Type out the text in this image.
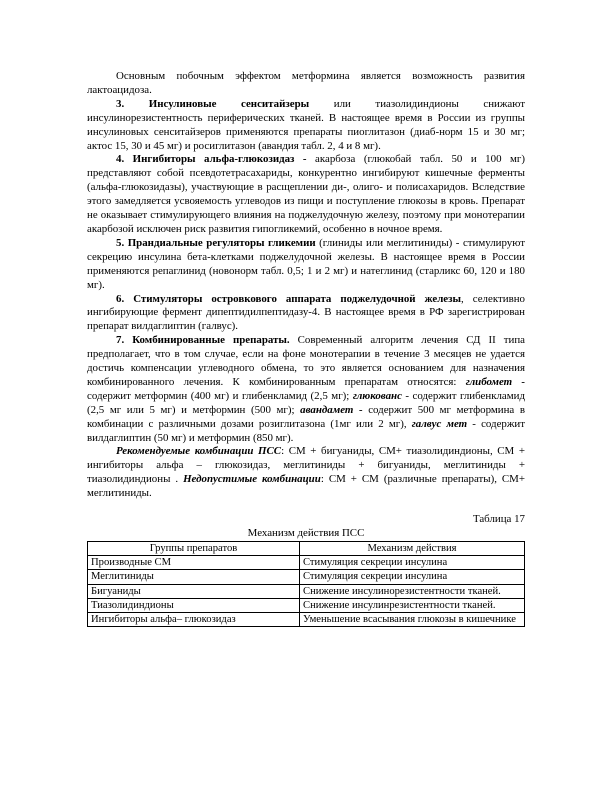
Основным побочным эффектом метформина является возможность развития лактоацидоза.

3. Инсулиновые сенситайзеры или тиазолидиндионы снижают инсулинорезистентность периферических тканей. В настоящее время в России из группы инсулиновых сенситайзеров применяются препараты пиоглитазон (диаб-норм 15 и 30 мг; актос 15, 30 и 45 мг) и росиглитазон (авандия табл. 2, 4 и 8 мг).

4. Ингибиторы альфа-глюкозидаз - акарбоза (глюкобай табл. 50 и 100 мг) представляют собой псевдотетрасахариды, конкурентно ингибируют кишечные ферменты (альфа-глюкозидазы), участвующие в расщеплении ди-, олиго- и полисахаридов. Вследствие этого замедляется усвояемость углеводов из пищи и поступление глюкозы в кровь. Препарат не оказывает стимулирующего влияния на поджелудочную железу, поэтому при монотерапии акарбозой исключен риск развития гипогликемий, особенно в ночное время.

5. Прандиальные регуляторы гликемии (глиниды или меглитиниды) - стимулируют секрецию инсулина бета-клетками поджелудочной железы. В настоящее время в России применяются репаглинид (новонорм табл. 0,5; 1 и 2 мг) и натеглинид (старликс 60, 120 и 180 мг).

6. Стимуляторы островкового аппарата поджелудочной железы, селективно ингибирующие фермент дипептидилпептидазу-4. В настоящее время в РФ зарегистрирован препарат вилдаглиптин (галвус).

7. Комбинированные препараты. Современный алгоритм лечения СД II типа предполагает, что в том случае, если на фоне монотерапии в течение 3 месяцев не удается достичь компенсации углеводного обмена, то это является основанием для назначения комбинированного лечения. К комбинированным препаратам относятся: глибомет - содержит метформин (400 мг) и глибенкламид (2,5 мг); глюкованс - содержит глибенкламид (2,5 мг или 5 мг) и метформин (500 мг); авандамет - содержит 500 мг метформина в комбинации с различными дозами розиглитазона (1мг или 2 мг), галвус мет - содержит вилдаглиптин (50 мг) и метформин (850 мг).

Рекомендуемые комбинации ПСС: СМ + бигуаниды, СМ+ тиазолидиндионы, СМ + ингибиторы альфа – глюкозидаз, меглитиниды + бигуаниды, меглитиниды + тиазолидиндионы . Недопустимые комбинации: СМ + СМ (различные препараты), СМ+ меглитиниды.

Таблица 17
Механизм действия ПСС
Группы препаратов	Механизм действия
Производные СМ	Стимуляция секреции инсулина
Меглитиниды	Стимуляция секреции инсулина
Бигуаниды	Снижение инсулинорезистентности тканей.
Тиазолидиндионы	Снижение инсулинрезистентности тканей.
Ингибиторы альфа– глюкозидаз	Уменьшение всасывания глюкозы в кишечнике
